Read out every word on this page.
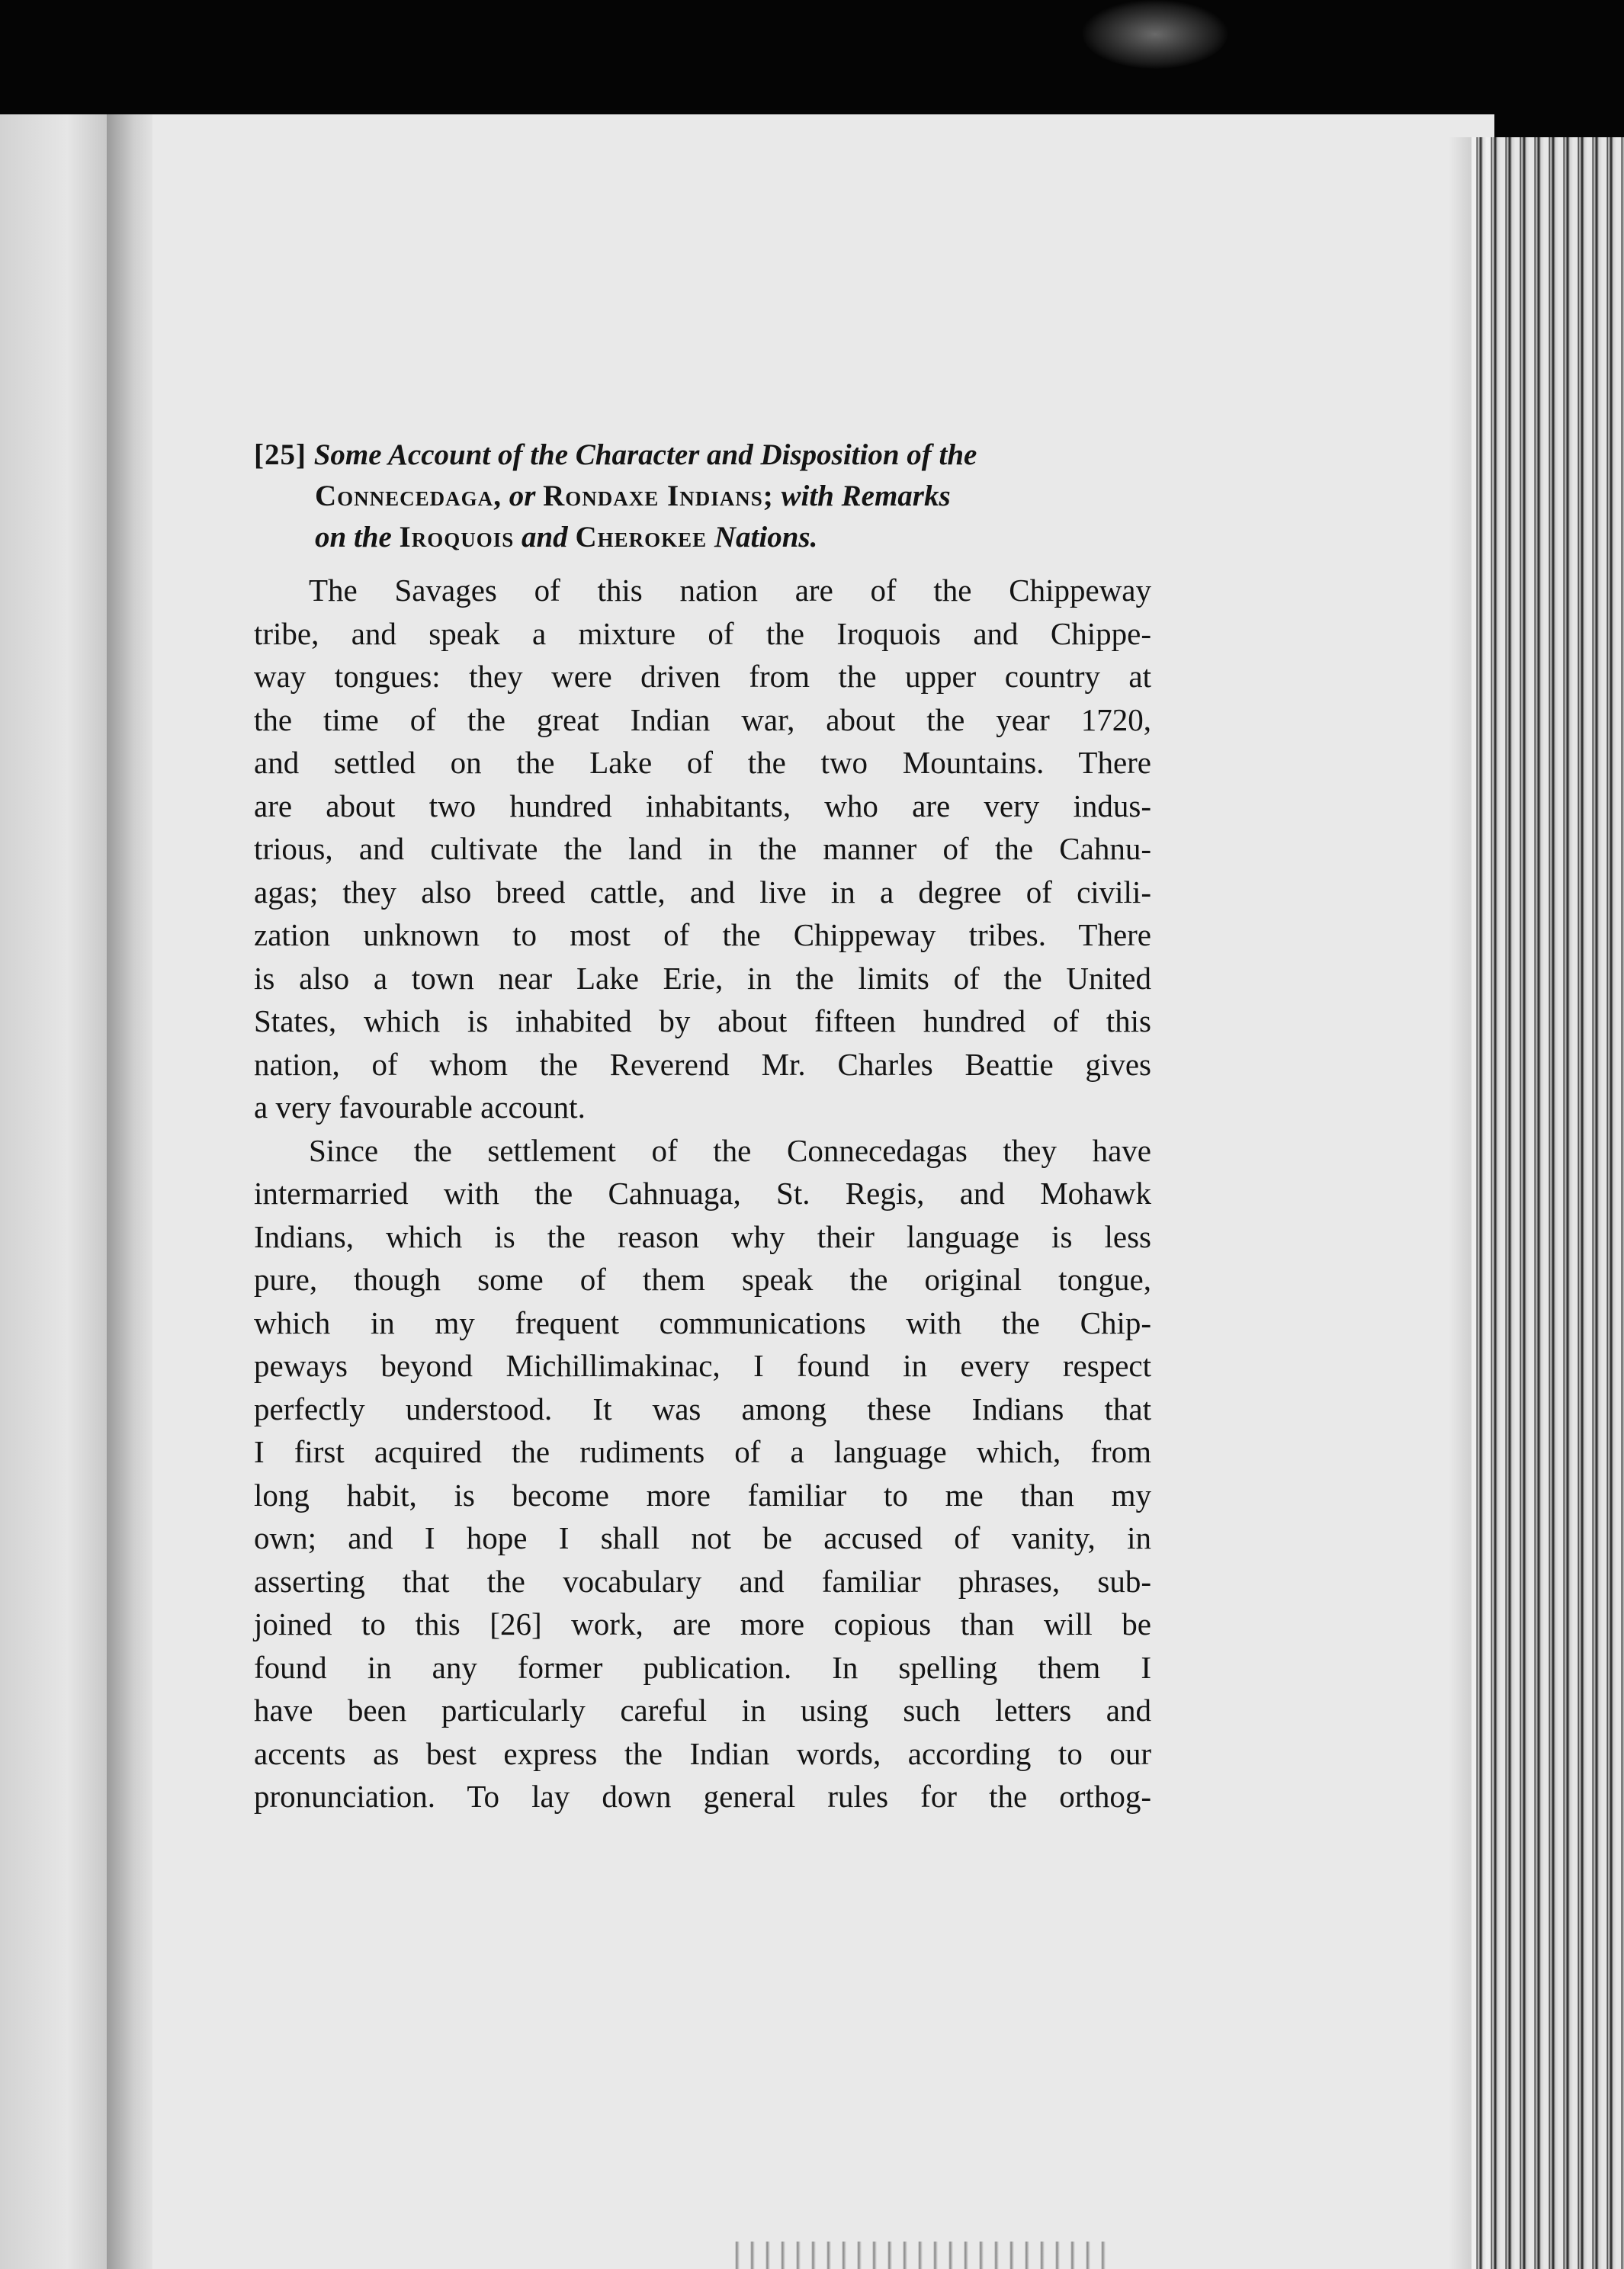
[25] Some Account of the Character and Disposition of the
Connecedaga, or Rondaxe Indians; with Remarks
on the Iroquois and Cherokee Nations.
The Savages of this nation are of the Chippeway
tribe, and speak a mixture of the Iroquois and Chippe-
way tongues: they were driven from the upper country at
the time of the great Indian war, about the year 1720,
and settled on the Lake of the two Mountains. There
are about two hundred inhabitants, who are very indus-
trious, and cultivate the land in the manner of the Cahnu-
agas; they also breed cattle, and live in a degree of civili-
zation unknown to most of the Chippeway tribes. There
is also a town near Lake Erie, in the limits of the United
States, which is inhabited by about fifteen hundred of this
nation, of whom the Reverend Mr. Charles Beattie gives
a very favourable account.
Since the settlement of the Connecedagas they have
intermarried with the Cahnuaga, St. Regis, and Mohawk
Indians, which is the reason why their language is less
pure, though some of them speak the original tongue,
which in my frequent communications with the Chip-
peways beyond Michillimakinac, I found in every respect
perfectly understood. It was among these Indians that
I first acquired the rudiments of a language which, from
long habit, is become more familiar to me than my
own; and I hope I shall not be accused of vanity, in
asserting that the vocabulary and familiar phrases, sub-
joined to this [26] work, are more copious than will be
found in any former publication. In spelling them I
have been particularly careful in using such letters and
accents as best express the Indian words, according to our
pronunciation. To lay down general rules for the orthog-
